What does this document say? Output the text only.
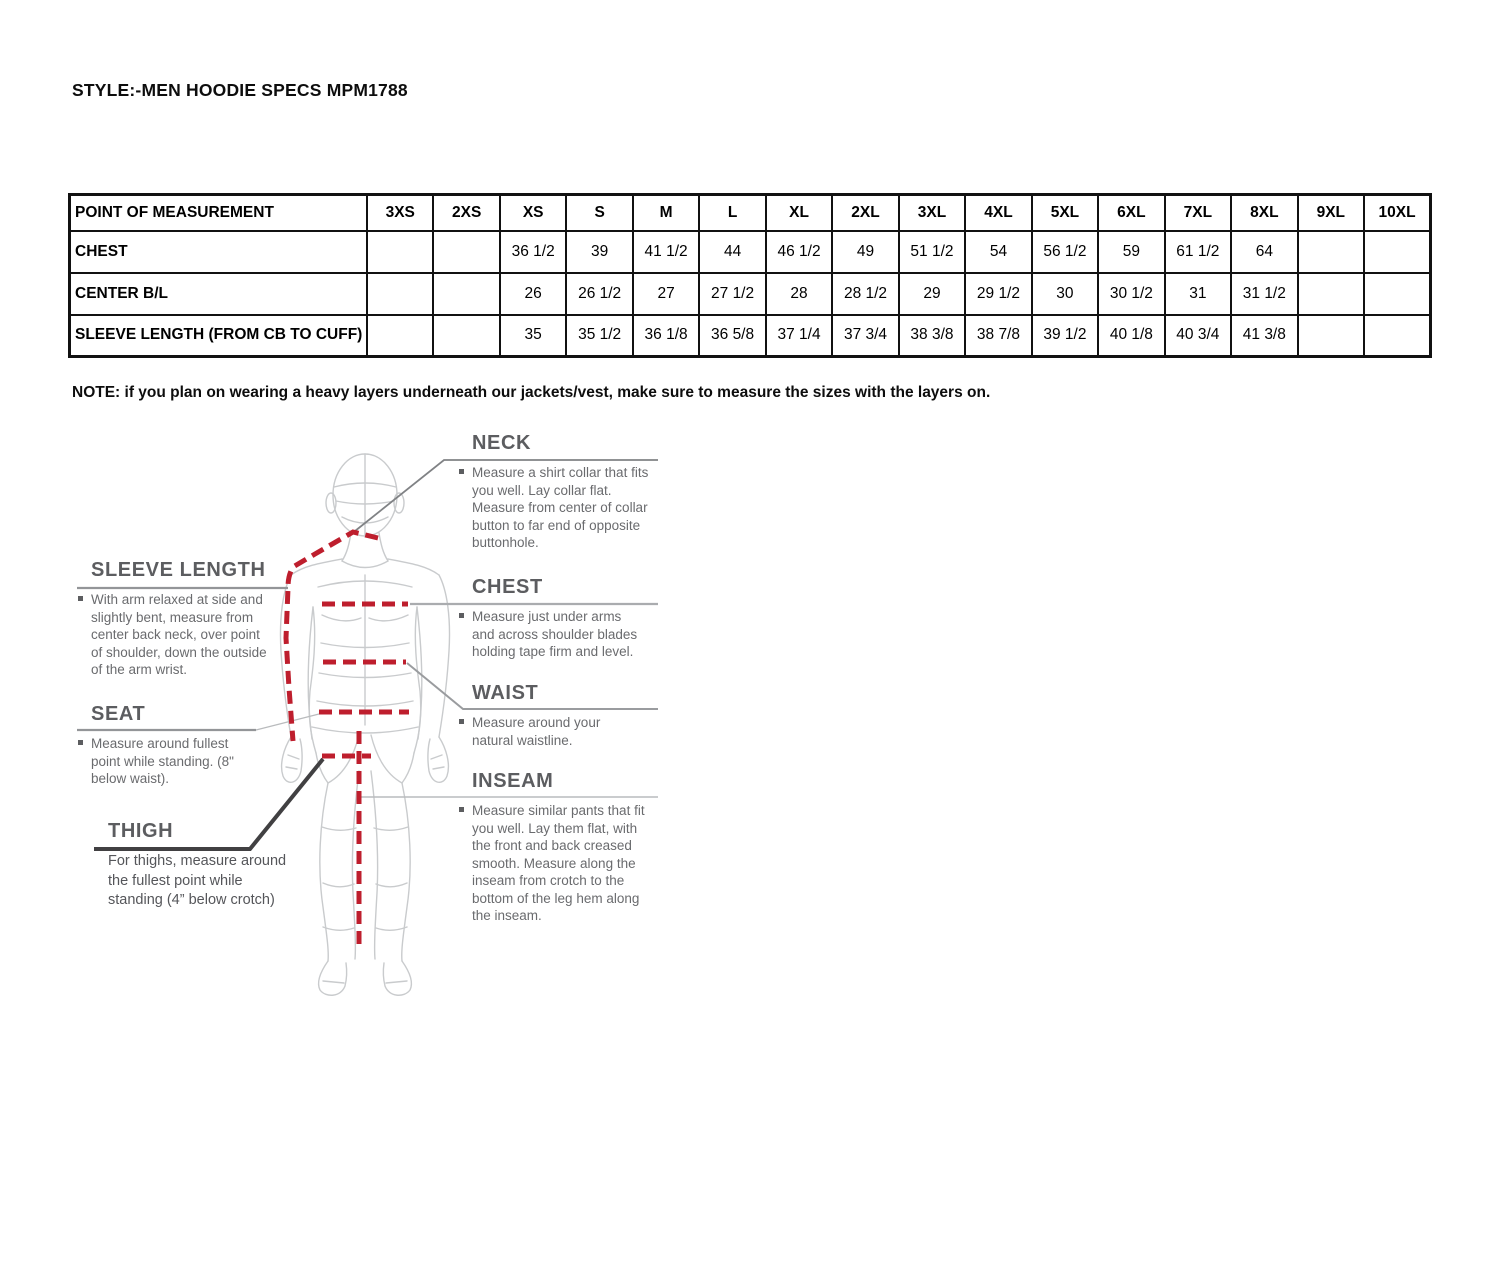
STYLE:-MEN HOODIE SPECS MPM1788
POINT OF MEASUREMENT	3XS	2XS	XS	S	M	L	XL	2XL	3XL	4XL	5XL	6XL	7XL	8XL	9XL	10XL
CHEST			36 1/2	39	41 1/2	44	46 1/2	49	51 1/2	54	56 1/2	59	61 1/2	64		
CENTER B/L			26	26 1/2	27	27 1/2	28	28 1/2	29	29 1/2	30	30 1/2	31	31 1/2		
SLEEVE LENGTH (FROM CB TO CUFF)			35	35 1/2	36 1/8	36 5/8	37 1/4	37 3/4	38 3/8	38 7/8	39 1/2	40 1/8	40 3/4	41 3/8		
NOTE: if you plan on wearing a heavy layers underneath our jackets/vest, make sure to measure the sizes with the layers on.
NECK

Measure a shirt collar that fits you well. Lay collar flat. Measure from center of collar button to far end of opposite buttonhole.

CHEST

Measure just under arms and across shoulder blades holding tape firm and level.

WAIST

Measure around your natural waistline.

INSEAM

Measure similar pants that fit you well. Lay them flat, with the front and back creased smooth. Measure along the inseam from crotch to the bottom of the leg hem along the inseam.

SLEEVE LENGTH

With arm relaxed at side and slightly bent, measure from center back neck, over point of shoulder, down the outside of the arm wrist.

SEAT

Measure around fullest point while standing. (8" below waist).

THIGH

For thighs, measure around the fullest point while standing (4” below crotch)
